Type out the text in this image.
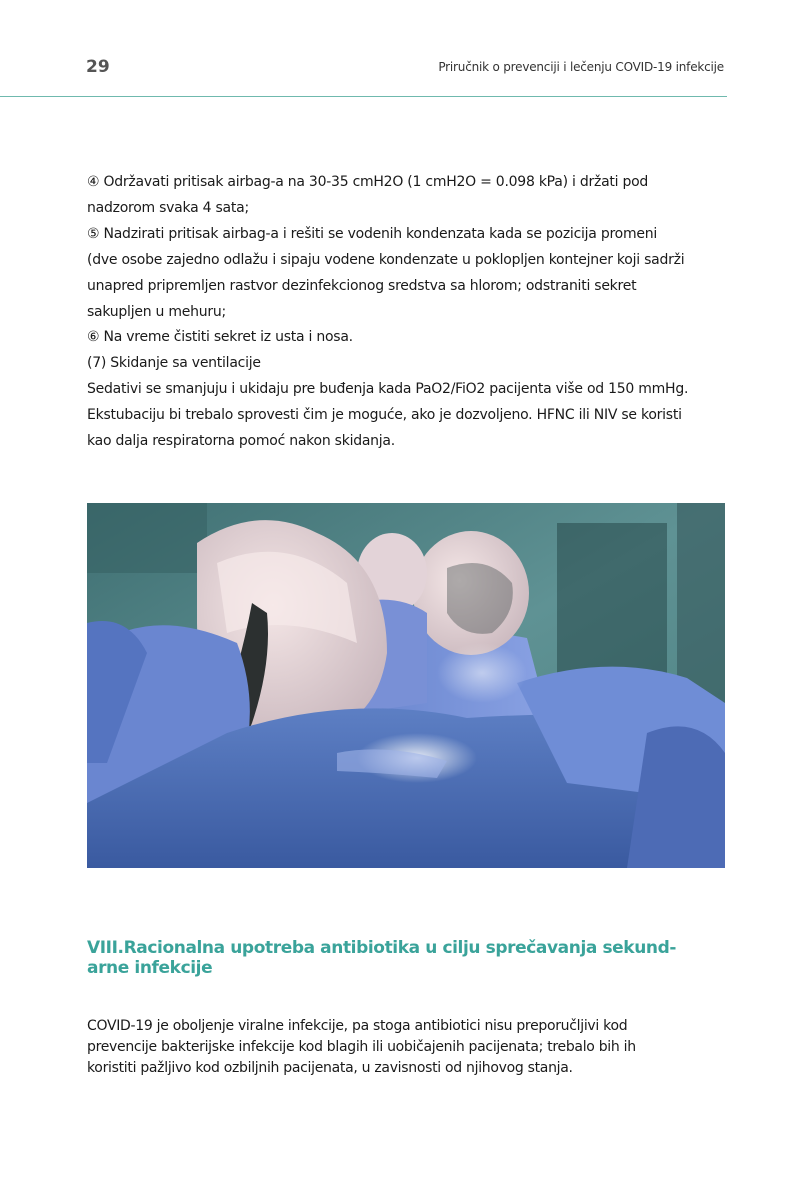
29	Priručnik o prevenciji i lečenju COVID-19 infekcije
④ Održavati pritisak airbag-a na 30-35 cmH2O (1 cmH2O = 0.098 kPa) i držati pod
nadzorom svaka 4 sata;
⑤ Nadzirati pritisak airbag-a i rešiti se vodenih kondenzata kada se pozicija promeni
(dve osobe zajedno odlažu i sipaju vodene kondenzate u poklopljen kontejner koji sadrži
unapred pripremljen rastvor dezinfekcionog sredstva sa hlorom; odstraniti sekret
sakupljen u mehuru;
⑥ Na vreme čistiti sekret iz usta i nosa.
(7) Skidanje sa ventilacije
Sedativi se smanjuju i ukidaju pre buđenja kada PaO2/FiO2 pacijenta više od 150 mmHg.
Ekstubaciju bi trebalo sprovesti čim je moguće, ako je dozvoljeno. HFNC ili NIV se koristi
kao dalja respiratorna pomoć nakon skidanja.
VIII.Racionalna upotreba antibiotika u cilju sprečavanja sekund-
arne infekcije
COVID-19 je oboljenje viralne infekcije, pa stoga antibiotici nisu preporučljivi kod
prevencije bakterijske infekcije kod blagih ili uobičajenih pacijenata; trebalo bih ih
koristiti pažljivo kod ozbiljnih pacijenata, u zavisnosti od njihovog stanja.
